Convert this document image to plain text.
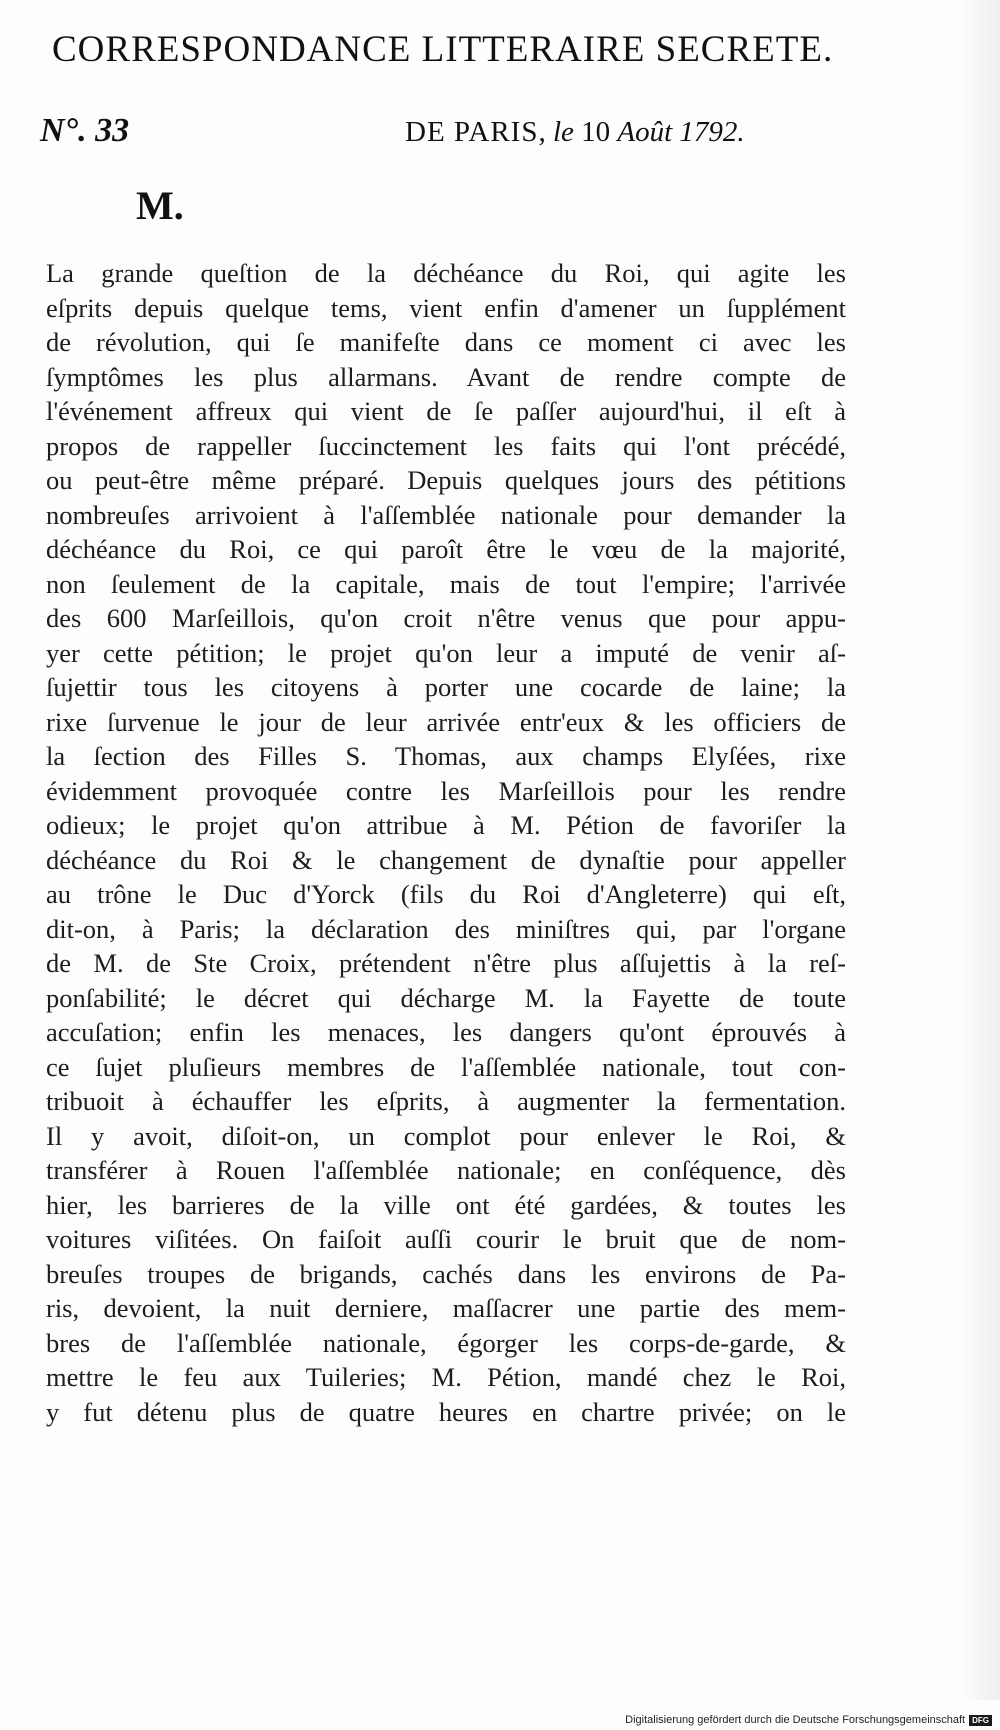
CORRESPONDANCE LITTERAIRE SECRETE.
N°. 33	DE PARIS, le 10 Août 1792.
M.
La grande queſtion de la déchéance du Roi, qui agite les
eſprits depuis quelque tems, vient enfin d'amener un ſupplément
de révolution, qui ſe manifeſte dans ce moment ci avec les
ſymptômes les plus allarmans. Avant de rendre compte de
l'événement affreux qui vient de ſe paſſer aujourd'hui, il eſt à
propos de rappeller ſuccinctement les faits qui l'ont précédé,
ou peut-être même préparé. Depuis quelques jours des pétitions
nombreuſes arrivoient à l'aſſemblée nationale pour demander la
déchéance du Roi, ce qui paroît être le vœu de la majorité,
non ſeulement de la capitale, mais de tout l'empire; l'arrivée
des 600 Marſeillois, qu'on croit n'être venus que pour appu-
yer cette pétition; le projet qu'on leur a imputé de venir aſ-
ſujettir tous les citoyens à porter une cocarde de laine; la
rixe ſurvenue le jour de leur arrivée entr'eux & les officiers de
la ſection des Filles S. Thomas, aux champs Elyſées, rixe
évidemment provoquée contre les Marſeillois pour les rendre
odieux; le projet qu'on attribue à M. Pétion de favoriſer la
déchéance du Roi & le changement de dynaſtie pour appeller
au trône le Duc d'Yorck (fils du Roi d'Angleterre) qui eſt,
dit-on, à Paris; la déclaration des miniſtres qui, par l'organe
de M. de Ste Croix, prétendent n'être plus aſſujettis à la reſ-
ponſabilité; le décret qui décharge M. la Fayette de toute
accuſation; enfin les menaces, les dangers qu'ont éprouvés à
ce ſujet pluſieurs membres de l'aſſemblée nationale, tout con-
tribuoit à échauffer les eſprits, à augmenter la fermentation.
Il y avoit, diſoit-on, un complot pour enlever le Roi, &
transférer à Rouen l'aſſemblée nationale; en conſéquence, dès
hier, les barrieres de la ville ont été gardées, & toutes les
voitures viſitées. On faiſoit auſſi courir le bruit que de nom-
breuſes troupes de brigands, cachés dans les environs de Pa-
ris, devoient, la nuit derniere, maſſacrer une partie des mem-
bres de l'aſſemblée nationale, égorger les corps-de-garde, &
mettre le feu aux Tuileries; M. Pétion, mandé chez le Roi,
y fut détenu plus de quatre heures en chartre privée; on le
Digitalisierung gefördert durch die Deutsche Forschungsgemeinschaft DFG
